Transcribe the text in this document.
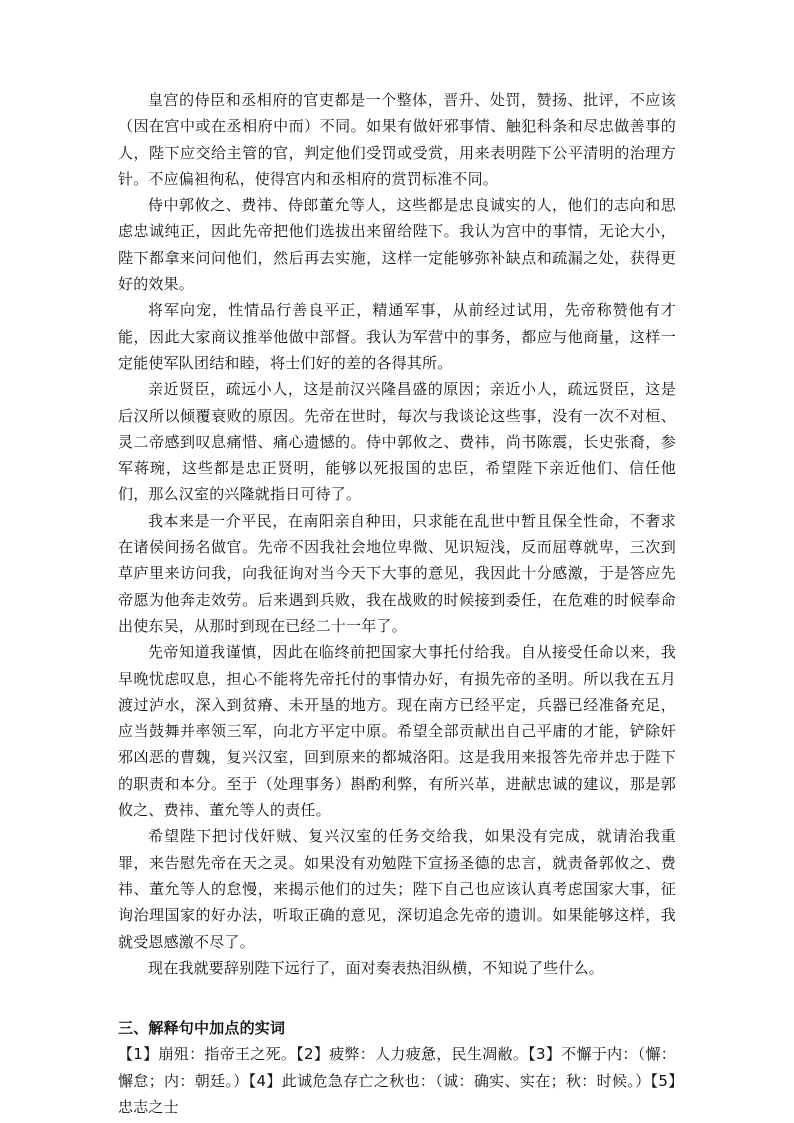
皇宫的侍臣和丞相府的官吏都是一个整体，晋升、处罚，赞扬、批评，不应该（因在宫中或在丞相府中而）不同。如果有做奸邪事情、触犯科条和尽忠做善事的人，陛下应交给主管的官，判定他们受罚或受赏，用来表明陛下公平清明的治理方针。不应偏袒徇私，使得宫内和丞相府的赏罚标准不同。

侍中郭攸之、费祎、侍郎董允等人，这些都是忠良诚实的人，他们的志向和思虑忠诚纯正，因此先帝把他们选拔出来留给陛下。我认为宫中的事情，无论大小，陛下都拿来问问他们，然后再去实施，这样一定能够弥补缺点和疏漏之处，获得更好的效果。

将军向宠，性情品行善良平正，精通军事，从前经过试用，先帝称赞他有才能，因此大家商议推举他做中部督。我认为军营中的事务，都应与他商量，这样一定能使军队团结和睦，将士们好的差的各得其所。

亲近贤臣，疏远小人，这是前汉兴隆昌盛的原因；亲近小人，疏远贤臣，这是后汉所以倾覆衰败的原因。先帝在世时，每次与我谈论这些事，没有一次不对桓、灵二帝感到叹息痛惜、痛心遗憾的。侍中郭攸之、费祎，尚书陈震，长史张裔，参军蒋琬，这些都是忠正贤明，能够以死报国的忠臣，希望陛下亲近他们、信任他们，那么汉室的兴隆就指日可待了。

我本来是一介平民，在南阳亲自种田，只求能在乱世中暂且保全性命，不奢求在诸侯间扬名做官。先帝不因我社会地位卑微、见识短浅，反而屈尊就卑，三次到草庐里来访问我，向我征询对当今天下大事的意见，我因此十分感激，于是答应先帝愿为他奔走效劳。后来遇到兵败，我在战败的时候接到委任，在危难的时候奉命出使东吴，从那时到现在已经二十一年了。

先帝知道我谨慎，因此在临终前把国家大事托付给我。自从接受任命以来，我早晚忧虑叹息，担心不能将先帝托付的事情办好，有损先帝的圣明。所以我在五月渡过泸水，深入到贫瘠、未开垦的地方。现在南方已经平定，兵器已经准备充足，应当鼓舞并率领三军，向北方平定中原。希望全部贡献出自己平庸的才能，铲除奸邪凶恶的曹魏，复兴汉室，回到原来的都城洛阳。这是我用来报答先帝并忠于陛下的职责和本分。至于（处理事务）斟酌利弊，有所兴革，进献忠诚的建议，那是郭攸之、费祎、董允等人的责任。

希望陛下把讨伐奸贼、复兴汉室的任务交给我，如果没有完成，就请治我重罪，来告慰先帝在天之灵。如果没有劝勉陛下宣扬圣德的忠言，就责备郭攸之、费祎、董允等人的怠慢，来揭示他们的过失；陛下自己也应该认真考虑国家大事，征询治理国家的好办法，听取正确的意见，深切追念先帝的遗训。如果能够这样，我就受恩感激不尽了。

现在我就要辞别陛下远行了，面对奏表热泪纵横，不知说了些什么。

三、解释句中加点的实词

【1】崩殂：指帝王之死。【2】疲弊：人力疲惫，民生凋敝。【3】不懈于内：（懈：懈怠；内：朝廷。）【4】此诚危急存亡之秋也：（诚：确实、实在；秋：时候。）【5】忠志之士
